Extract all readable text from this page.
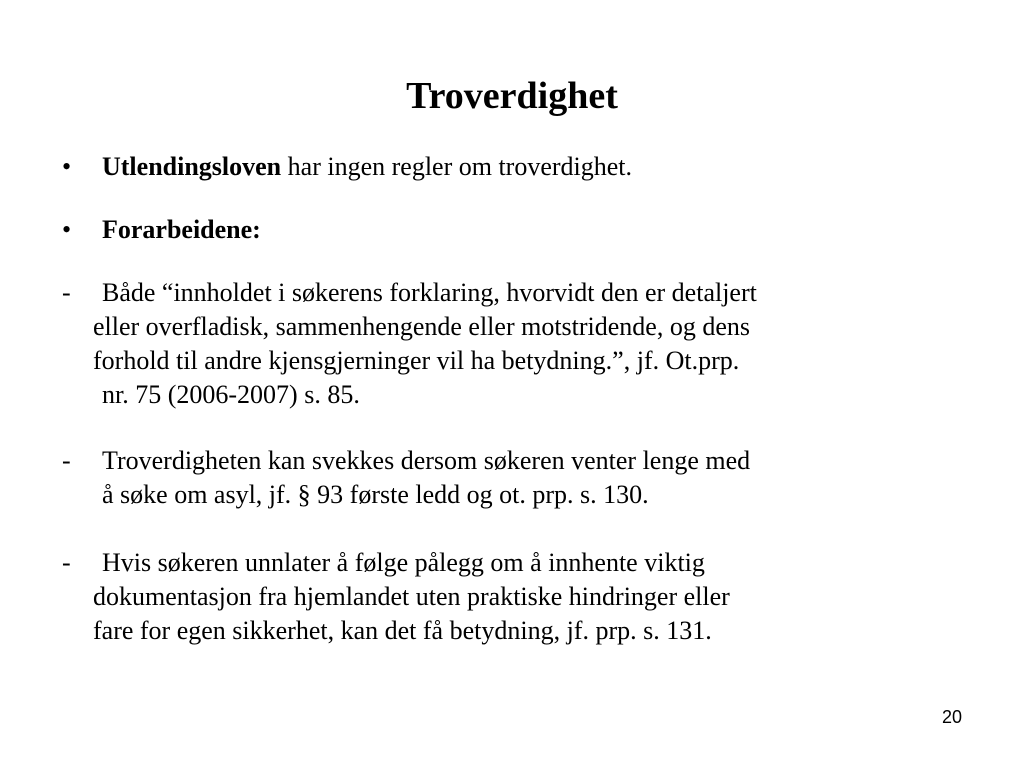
Troverdighet
• Utlendingsloven har ingen regler om troverdighet.
• Forarbeidene:
- Både “innholdet i søkerens forklaring, hvorvidt den er detaljert
eller overfladisk, sammenhengende eller motstridende, og dens
forhold til andre kjensgjerninger vil ha betydning.”, jf. Ot.prp.
nr. 75 (2006-2007) s. 85.
- Troverdigheten kan svekkes dersom søkeren venter lenge med
å søke om asyl, jf. § 93 første ledd og ot. prp. s. 130.
- Hvis søkeren unnlater å følge pålegg om å innhente viktig
dokumentasjon fra hjemlandet uten praktiske hindringer eller
fare for egen sikkerhet, kan det få betydning, jf. prp. s. 131.
20
